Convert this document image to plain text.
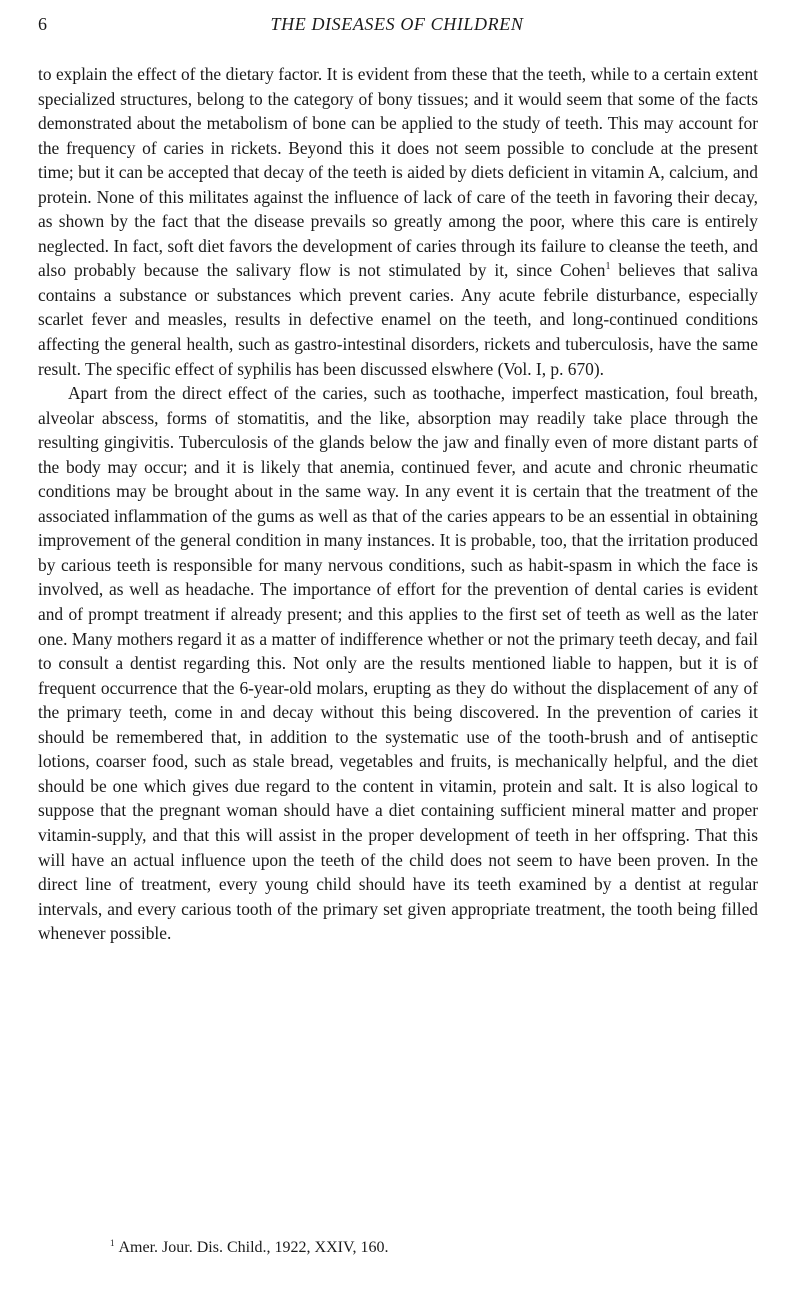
6	THE DISEASES OF CHILDREN

to explain the effect of the dietary factor. It is evident from these that the teeth, while to a certain extent specialized structures, belong to the category of bony tissues; and it would seem that some of the facts demonstrated about the metabolism of bone can be applied to the study of teeth. This may account for the frequency of caries in rickets. Beyond this it does not seem possible to conclude at the present time; but it can be accepted that decay of the teeth is aided by diets deficient in vitamin A, calcium, and protein. None of this militates against the influence of lack of care of the teeth in favoring their decay, as shown by the fact that the disease prevails so greatly among the poor, where this care is entirely neglected. In fact, soft diet favors the development of caries through its failure to cleanse the teeth, and also probably because the salivary flow is not stimulated by it, since Cohen$^1$ believes that saliva contains a substance or substances which prevent caries. Any acute febrile disturbance, especially scarlet fever and measles, results in defective enamel on the teeth, and long-continued conditions affecting the general health, such as gastro-intestinal disorders, rickets and tuberculosis, have the same result. The specific effect of syphilis has been discussed elswhere (Vol. I, p. 670).

Apart from the direct effect of the caries, such as toothache, imperfect mastication, foul breath, alveolar abscess, forms of stomatitis, and the like, absorption may readily take place through the resulting gingivitis. Tuberculosis of the glands below the jaw and finally even of more distant parts of the body may occur; and it is likely that anemia, continued fever, and acute and chronic rheumatic conditions may be brought about in the same way. In any event it is certain that the treatment of the associated inflammation of the gums as well as that of the caries appears to be an essential in obtaining improvement of the general condition in many instances. It is probable, too, that the irritation produced by carious teeth is responsible for many nervous conditions, such as habit-spasm in which the face is involved, as well as headache. The importance of effort for the prevention of dental caries is evident and of prompt treatment if already present; and this applies to the first set of teeth as well as the later one. Many mothers regard it as a matter of indifference whether or not the primary teeth decay, and fail to consult a dentist regarding this. Not only are the results mentioned liable to happen, but it is of frequent occurrence that the 6-year-old molars, erupting as they do without the displacement of any of the primary teeth, come in and decay without this being discovered. In the prevention of caries it should be remembered that, in addition to the systematic use of the tooth-brush and of antiseptic lotions, coarser food, such as stale bread, vegetables and fruits, is mechanically helpful, and the diet should be one which gives due regard to the content in vitamin, protein and salt. It is also logical to suppose that the pregnant woman should have a diet containing sufficient mineral matter and proper vitamin-supply, and that this will assist in the proper development of teeth in her offspring. That this will have an actual influence upon the teeth of the child does not seem to have been proven. In the direct line of treatment, every young child should have its teeth examined by a dentist at regular intervals, and every carious tooth of the primary set given appropriate treatment, the tooth being filled whenever possible.

$^1$ Amer. Jour. Dis. Child., 1922, XXIV, 160.
